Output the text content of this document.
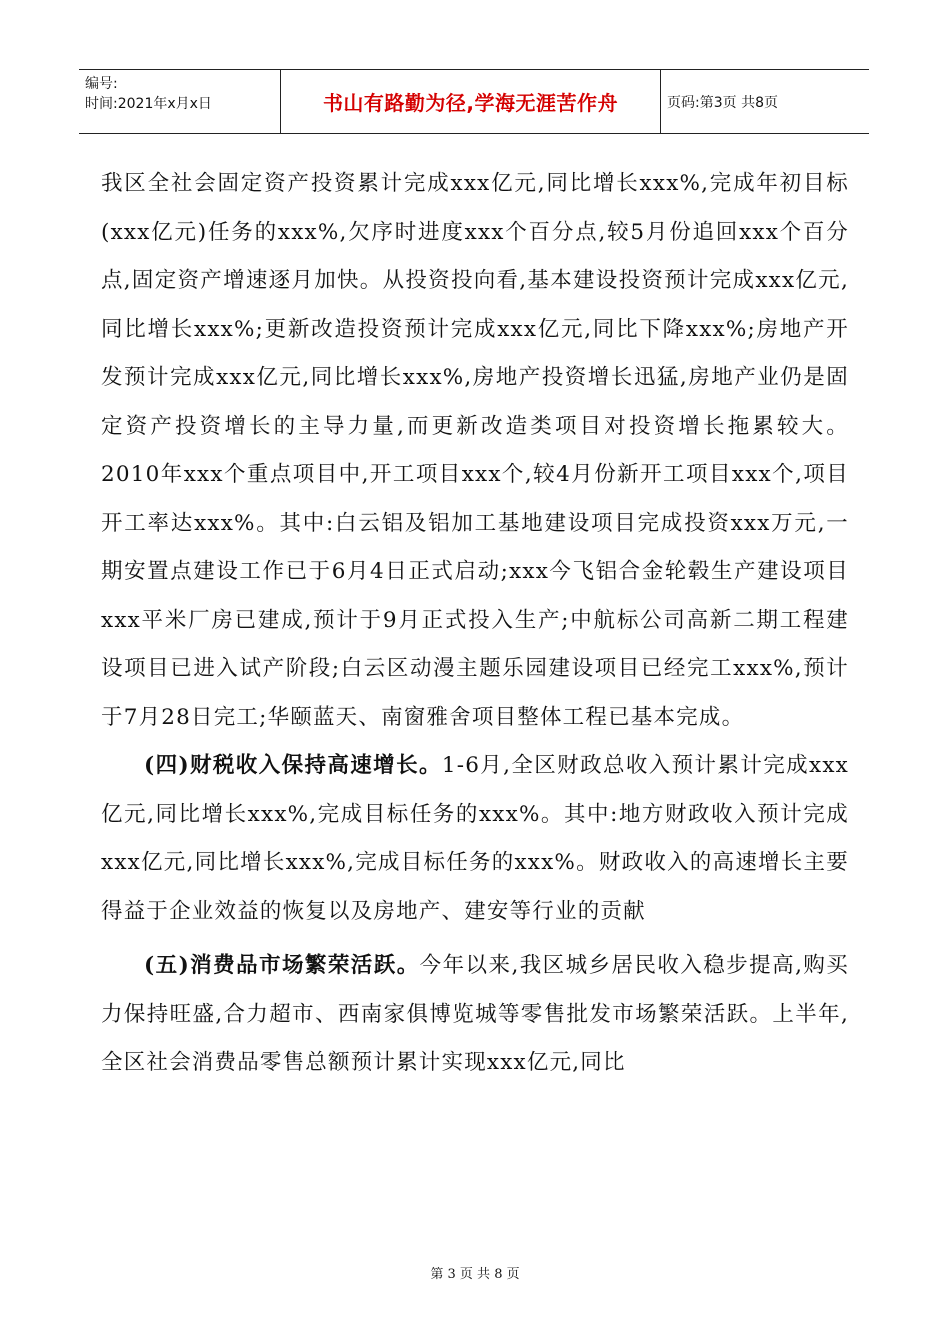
编号:
时间:2021年x月x日	书山有路勤为径,学海无涯苦作舟	页码:第3页 共8页

我区全社会固定资产投资累计完成xxx亿元,同比增长xxx%,完成年初目标(xxx亿元)任务的xxx%,欠序时进度xxx个百分点,较5月份追回xxx个百分点,固定资产增速逐月加快。从投资投向看,基本建设投资预计完成xxx亿元,同比增长xxx%;更新改造投资预计完成xxx亿元,同比下降xxx%;房地产开发预计完成xxx亿元,同比增长xxx%,房地产投资增长迅猛,房地产业仍是固定资产投资增长的主导力量,而更新改造类项目对投资增长拖累较大。2010年xxx个重点项目中,开工项目xxx个,较4月份新开工项目xxx个,项目开工率达xxx%。其中:白云铝及铝加工基地建设项目完成投资xxx万元,一期安置点建设工作已于6月4日正式启动;xxx今飞铝合金轮毂生产建设项目xxx平米厂房已建成,预计于9月正式投入生产;中航标公司高新二期工程建设项目已进入试产阶段;白云区动漫主题乐园建设项目已经完工xxx%,预计于7月28日完工;华颐蓝天、南窗雅舍项目整体工程已基本完成。

(四)财税收入保持高速增长。1-6月,全区财政总收入预计累计完成xxx亿元,同比增长xxx%,完成目标任务的xxx%。其中:地方财政收入预计完成xxx亿元,同比增长xxx%,完成目标任务的xxx%。财政收入的高速增长主要得益于企业效益的恢复以及房地产、建安等行业的贡献

(五)消费品市场繁荣活跃。今年以来,我区城乡居民收入稳步提高,购买力保持旺盛,合力超市、西南家俱博览城等零售批发市场繁荣活跃。上半年,全区社会消费品零售总额预计累计实现xxx亿元,同比

第 3 页 共 8 页
